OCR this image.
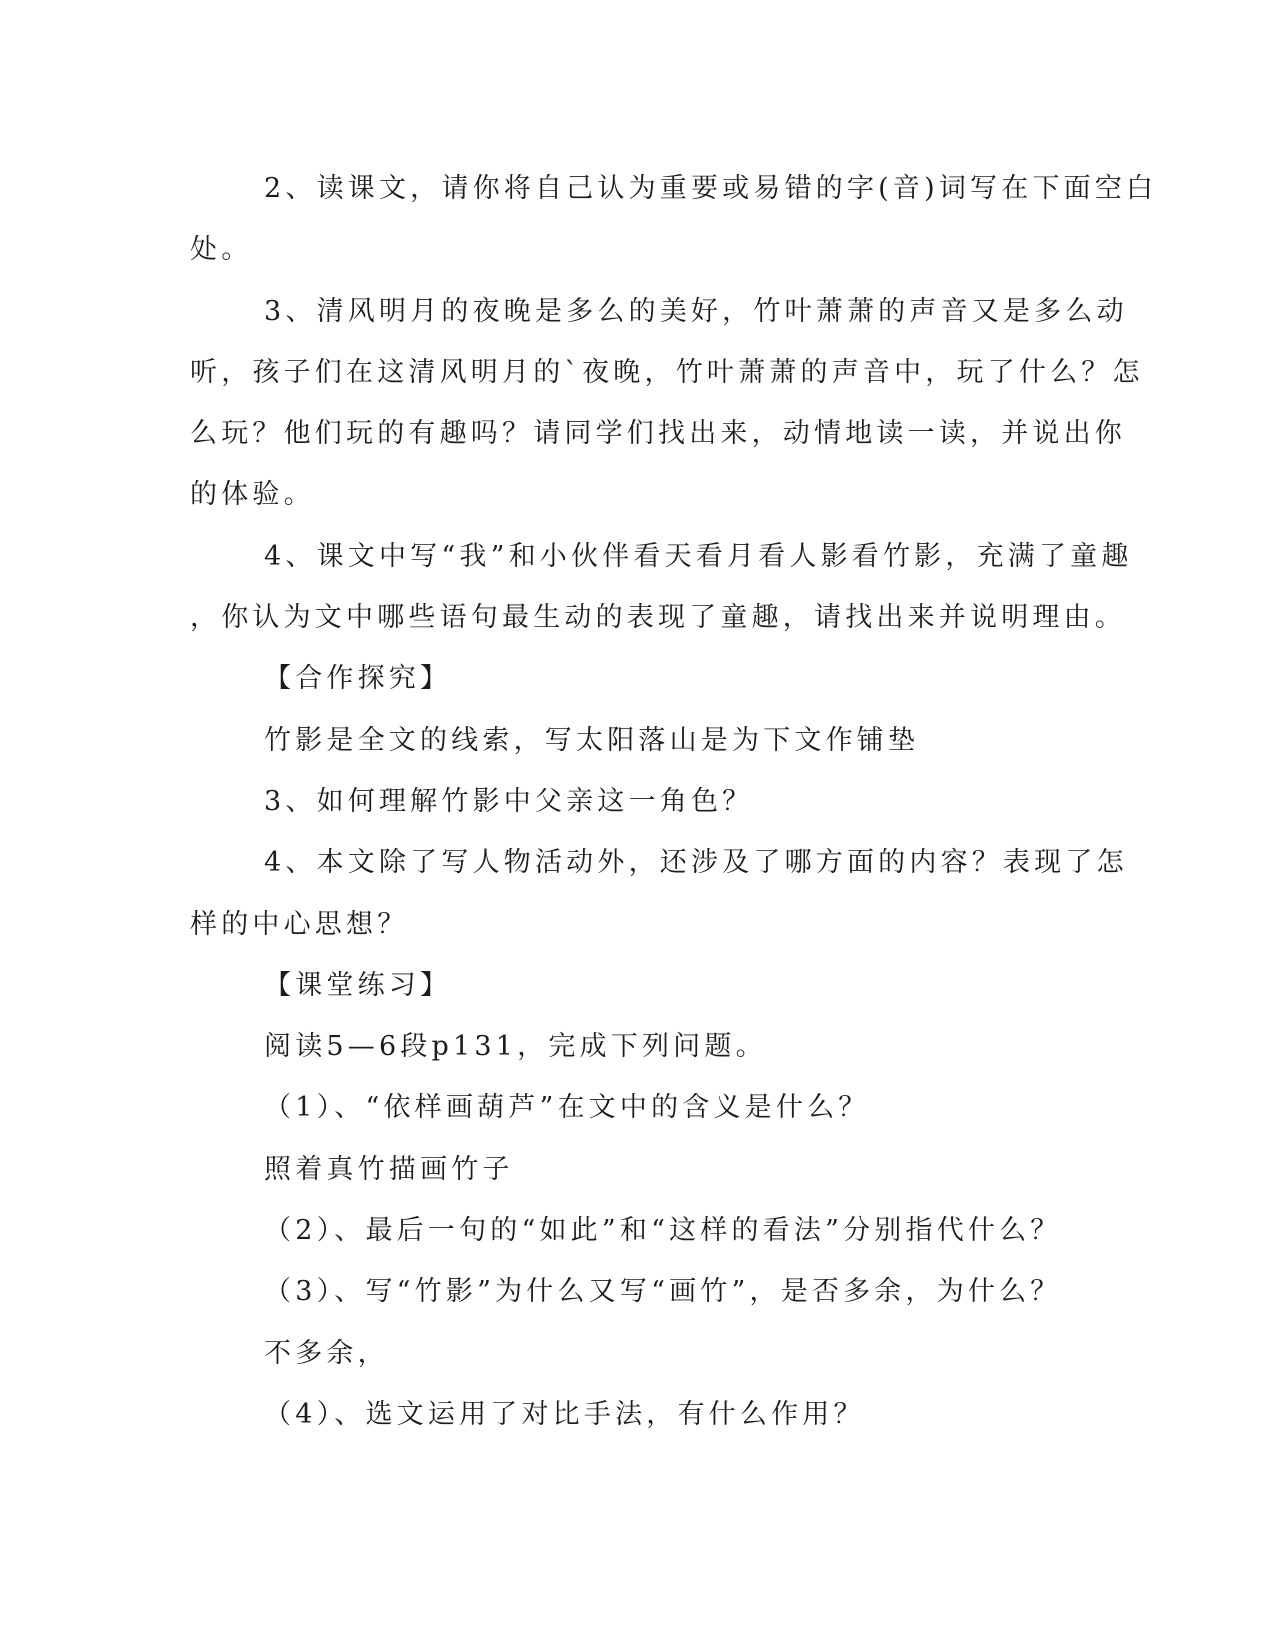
2、读课文，请你将自己认为重要或易错的字(音)词写在下面空白
处。
3、清风明月的夜晚是多么的美好，竹叶萧萧的声音又是多么动
听，孩子们在这清风明月的`夜晚，竹叶萧萧的声音中，玩了什么？怎
么玩？他们玩的有趣吗？请同学们找出来，动情地读一读，并说出你
的体验。
4、课文中写“我”和小伙伴看天看月看人影看竹影，充满了童趣
，你认为文中哪些语句最生动的表现了童趣，请找出来并说明理由。
【合作探究】
竹影是全文的线索，写太阳落山是为下文作铺垫
3、如何理解竹影中父亲这一角色？
4、本文除了写人物活动外，还涉及了哪方面的内容？表现了怎
样的中心思想？
【课堂练习】
阅读5—6段p131，完成下列问题。
（1）、“依样画葫芦”在文中的含义是什么？
照着真竹描画竹子
（2）、最后一句的“如此”和“这样的看法”分别指代什么？
（3）、写“竹影”为什么又写“画竹”，是否多余，为什么？
不多余，
（4）、选文运用了对比手法，有什么作用？
